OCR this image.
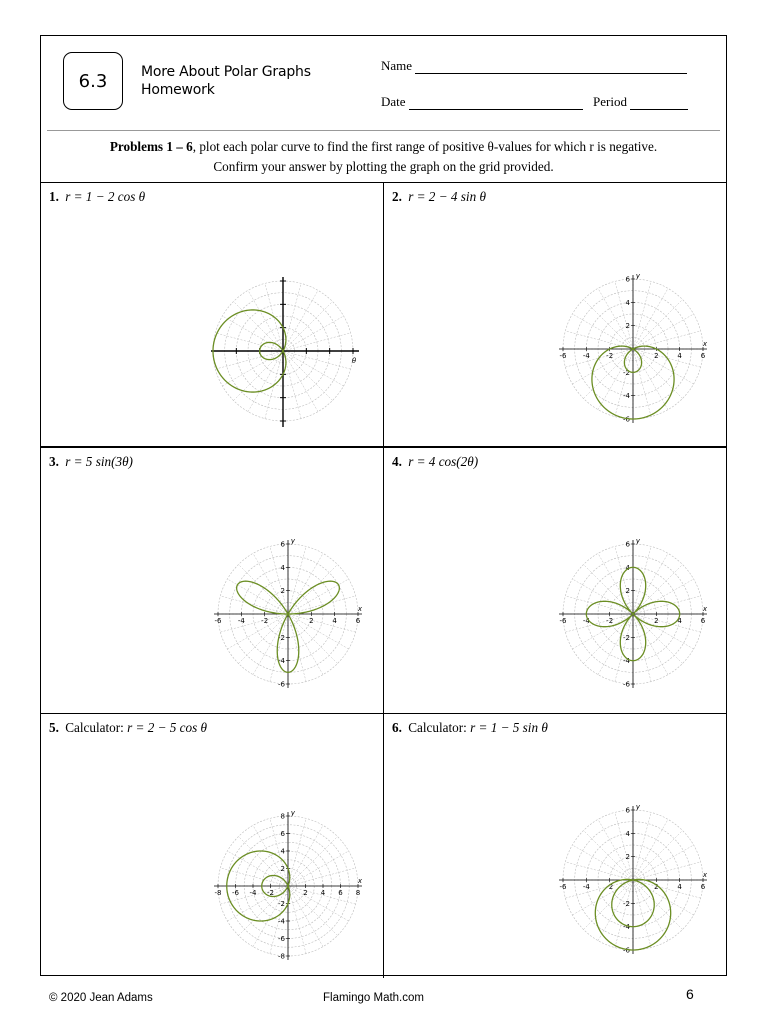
6.3 More About Polar Graphs
Homework
Name
Date	Period
Problems 1 – 6, plot each polar curve to find the first range of positive θ-values for which r is negative.
Confirm your answer by plotting the graph on the grid provided.
1. r = 1 − 2 cos θ
θ
2. r = 2 − 4 sin θ
-6
-6
-4
-4
-2
-2
2
2
4
4
6
6
x
y
3. r = 5 sin(3θ)
-6
-6
-4
-4
-2
-2
2
2
4
4
6
6
x
y
4. r = 4 cos(2θ)
-6
-6
-4
-4
-2
-2
2
2
4
4
6
6
x
y
5. Calculator: r = 2 − 5 cos θ
-8
-8
-6
-6
-4
-4
-2
-2
2
2
4
4
6
6
8
8
x
y
6. Calculator: r = 1 − 5 sin θ
-6
-6
-4
-4
-2
-2
2
2
4
4
6
6
x
y
© 2020 Jean Adams	Flamingo Math.com	6
